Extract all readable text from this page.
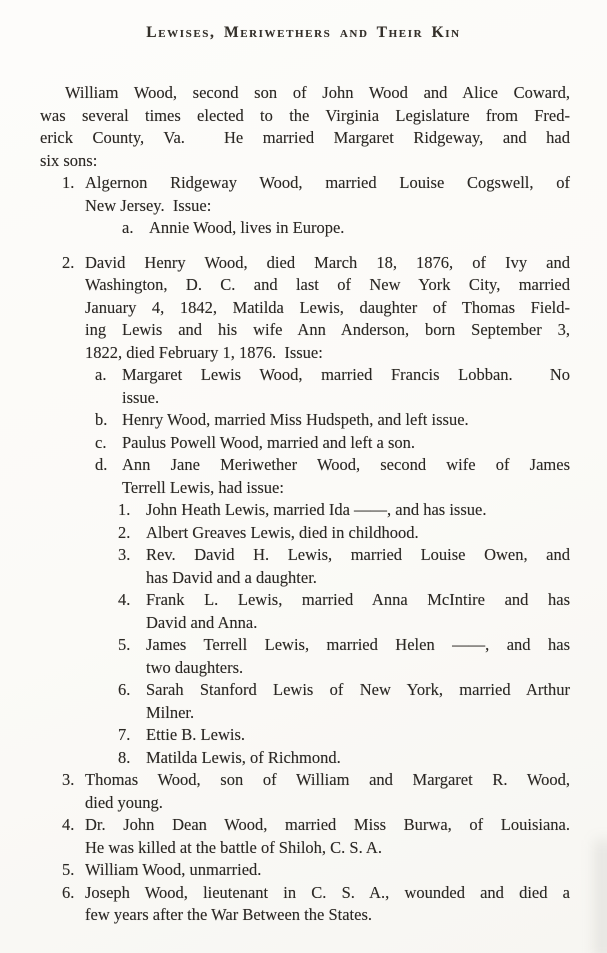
Lewises, Meriwethers and Their Kin
William Wood, second son of John Wood and Alice Coward,
was several times elected to the Virginia Legislature from Fred-
erick County, Va.  He married Margaret Ridgeway, and had
six sons:
1. Algernon Ridgeway Wood, married Louise Cogswell, of
New Jersey.  Issue:
a. Annie Wood, lives in Europe.
2. David Henry Wood, died March 18, 1876, of Ivy and
Washington, D. C. and last of New York City, married
January 4, 1842, Matilda Lewis, daughter of Thomas Field-
ing Lewis and his wife Ann Anderson, born September 3,
1822, died February 1, 1876.  Issue:
a. Margaret Lewis Wood, married Francis Lobban.  No
issue.
b. Henry Wood, married Miss Hudspeth, and left issue.
c. Paulus Powell Wood, married and left a son.
d. Ann Jane Meriwether Wood, second wife of James
Terrell Lewis, had issue:
1. John Heath Lewis, married Ida ——, and has issue.
2. Albert Greaves Lewis, died in childhood.
3. Rev. David H. Lewis, married Louise Owen, and
has David and a daughter.
4. Frank L. Lewis, married Anna McIntire and has
David and Anna.
5. James Terrell Lewis, married Helen ——, and has
two daughters.
6. Sarah Stanford Lewis of New York, married Arthur
Milner.
7. Ettie B. Lewis.
8. Matilda Lewis, of Richmond.
3. Thomas Wood, son of William and Margaret R. Wood,
died young.
4. Dr. John Dean Wood, married Miss Burwa, of Louisiana.
He was killed at the battle of Shiloh, C. S. A.
5. William Wood, unmarried.
6. Joseph Wood, lieutenant in C. S. A., wounded and died a
few years after the War Between the States.
